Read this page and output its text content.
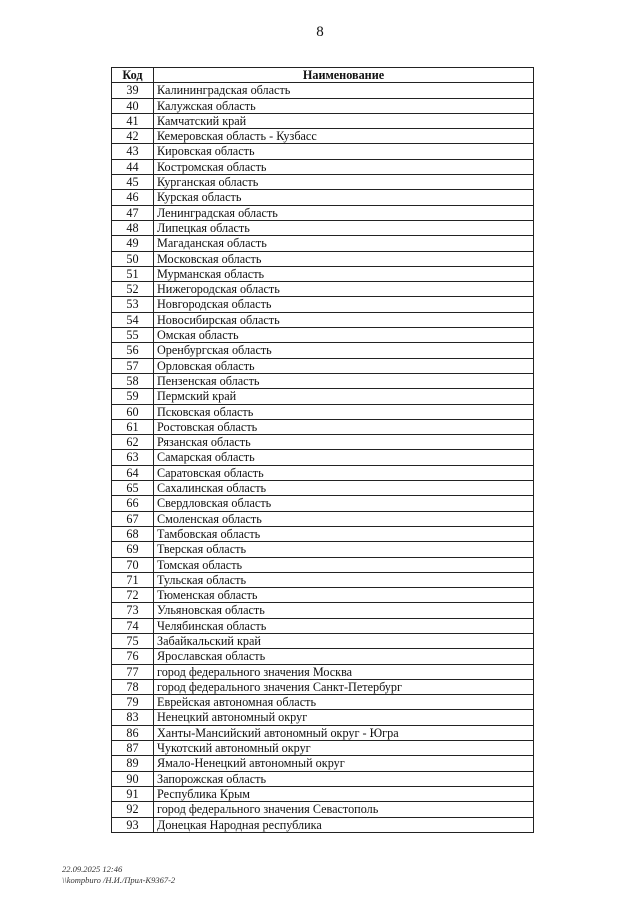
8
Код	Наименование
39	Калининградская область
40	Калужская область
41	Камчатский край
42	Кемеровская область - Кузбасс
43	Кировская область
44	Костромская область
45	Курганская область
46	Курская область
47	Ленинградская область
48	Липецкая область
49	Магаданская область
50	Московская область
51	Мурманская область
52	Нижегородская область
53	Новгородская область
54	Новосибирская область
55	Омская область
56	Оренбургская область
57	Орловская область
58	Пензенская область
59	Пермский край
60	Псковская область
61	Ростовская область
62	Рязанская область
63	Самарская область
64	Саратовская область
65	Сахалинская область
66	Свердловская область
67	Смоленская область
68	Тамбовская область
69	Тверская область
70	Томская область
71	Тульская область
72	Тюменская область
73	Ульяновская область
74	Челябинская область
75	Забайкальский край
76	Ярославская область
77	город федерального значения Москва
78	город федерального значения Санкт-Петербург
79	Еврейская автономная область
83	Ненецкий автономный округ
86	Ханты-Мансийский автономный округ - Югра
87	Чукотский автономный округ
89	Ямало-Ненецкий автономный округ
90	Запорожская область
91	Республика Крым
92	город федерального значения Севастополь
93	Донецкая Народная республика
22.09.2025 12:46
\\kompburo /Н.И./Прил-К9367-2
